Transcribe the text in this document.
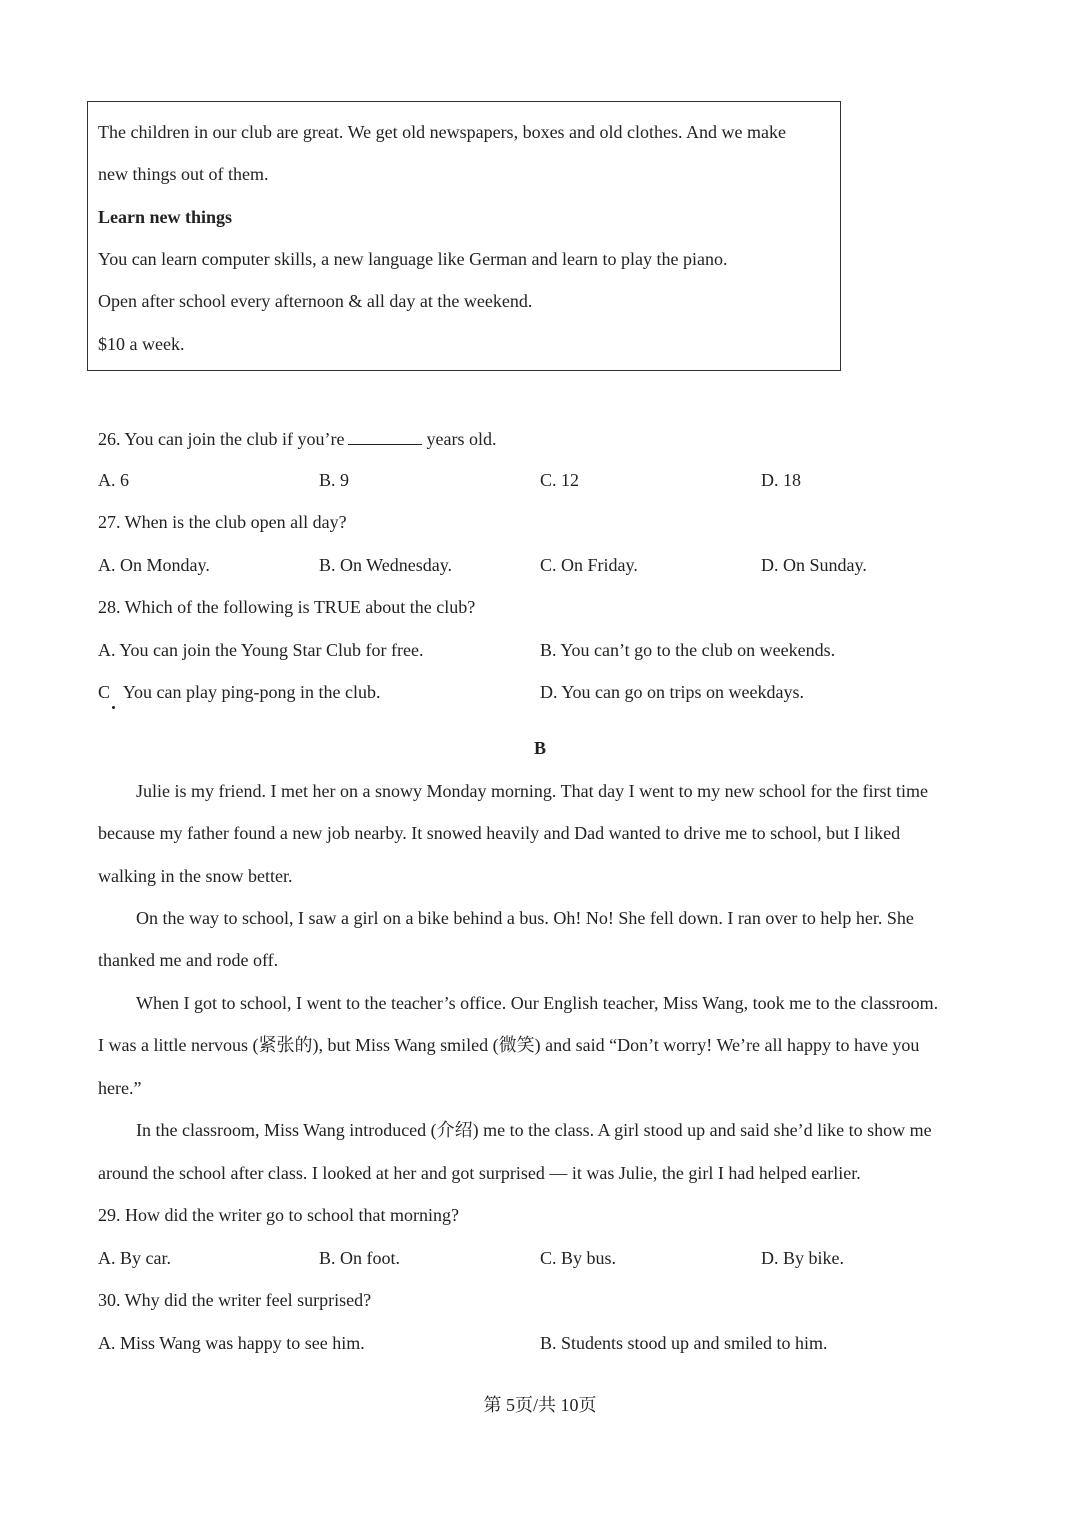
The children in our club are great. We get old newspapers, boxes and old clothes. And we make
new things out of them.
Learn new things
You can learn computer skills, a new language like German and learn to play the piano.
Open after school every afternoon & all day at the weekend.
$10 a week.
26. You can join the club if you’re	years old.
A. 6	B. 9	C. 12	D. 18
27. When is the club open all day?
A. On Monday.	B. On Wednesday.	C. On Friday.	D. On Sunday.
28. Which of the following is TRUE about the club?
A. You can join the Young Star Club for free.	B. You can’t go to the club on weekends.
C   You can play ping-pong in the club.	D. You can go on trips on weekdays.
B
Julie is my friend. I met her on a snowy Monday morning. That day I went to my new school for the first time
because my father found a new job nearby. It snowed heavily and Dad wanted to drive me to school, but I liked
walking in the snow better.
On the way to school, I saw a girl on a bike behind a bus. Oh! No! She fell down. I ran over to help her. She
thanked me and rode off.
When I got to school, I went to the teacher’s office. Our English teacher, Miss Wang, took me to the classroom.
I was a little nervous (紧张的), but Miss Wang smiled (微笑) and said “Don’t worry! We’re all happy to have you
here.”
In the classroom, Miss Wang introduced (介绍) me to the class. A girl stood up and said she’d like to show me
around the school after class. I looked at her and got surprised — it was Julie, the girl I had helped earlier.
29. How did the writer go to school that morning?
A. By car.	B. On foot.	C. By bus.	D. By bike.
30. Why did the writer feel surprised?
A. Miss Wang was happy to see him.	B. Students stood up and smiled to him.
第 5页/共 10页
